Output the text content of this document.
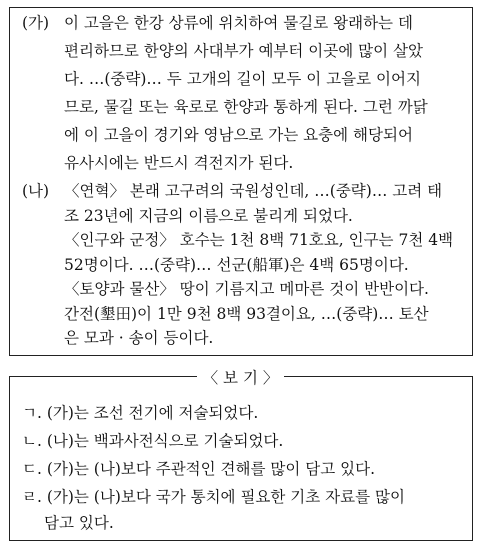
(가) 이 고을은 한강 상류에 위치하여 물길로 왕래하는 데
편리하므로 한양의 사대부가 예부터 이곳에 많이 살았
다. …(중략)… 두 고개의 길이 모두 이 고을로 이어지
므로, 물길 또는 육로로 한양과 통하게 된다. 그런 까닭
에 이 고을이 경기와 영남으로 가는 요충에 해당되어
유사시에는 반드시 격전지가 된다.
(나) 〈연혁〉 본래 고구려의 국원성인데, …(중략)… 고려 태
조 23년에 지금의 이름으로 불리게 되었다.
〈인구와 군정〉 호수는 1천 8백 71호요, 인구는 7천 4백
52명이다. …(중략)… 선군(船軍)은 4백 65명이다.
〈토양과 물산〉 땅이 기름지고 메마른 것이 반반이다.
간전(墾田)이 1만 9천 8백 93결이요, …(중략)… 토산
〈 보 기 〉
ㄱ. (가)는 조선 전기에 저술되었다.
ㄴ. (나)는 백과사전식으로 기술되었다.
ㄷ. (가)는 (나)보다 주관적인 견해를 많이 담고 있다.
ㄹ. (가)는 (나)보다 국가 통치에 필요한 기초 자료를 많이
담고 있다.
은 모과 · 송이 등이다.
